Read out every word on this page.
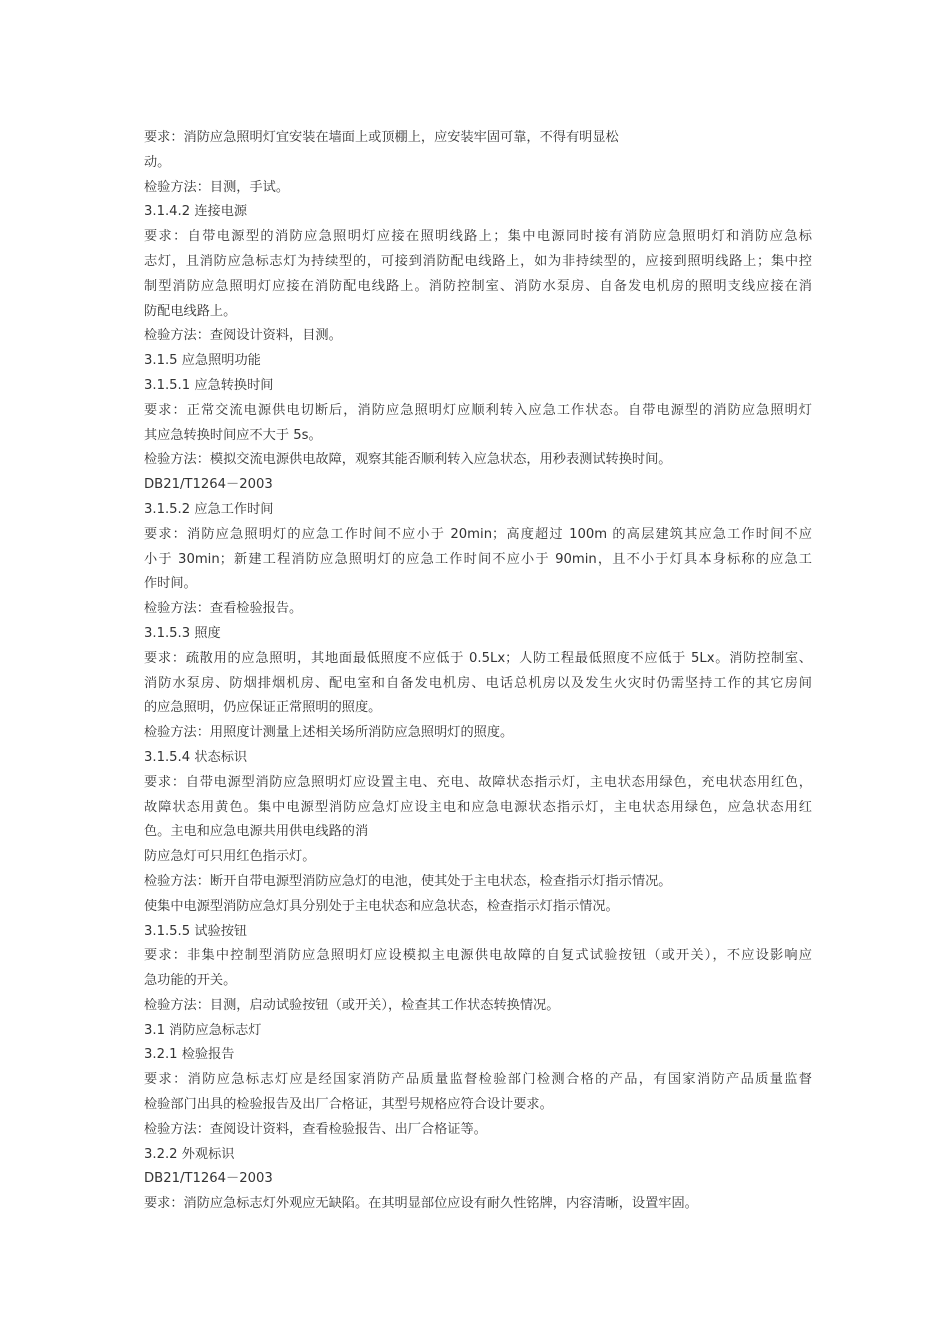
要求：消防应急照明灯宜安装在墙面上或顶棚上，应安装牢固可靠，不得有明显松

动。

检验方法：目测，手试。

3.1.4.2 连接电源

要求：自带电源型的消防应急照明灯应接在照明线路上；集中电源同时接有消防应急照明灯和消防应急标

志灯，且消防应急标志灯为持续型的，可接到消防配电线路上，如为非持续型的，应接到照明线路上；集中控

制型消防应急照明灯应接在消防配电线路上。消防控制室、消防水泵房、自备发电机房的照明支线应接在消

防配电线路上。

检验方法：查阅设计资料，目测。

3.1.5 应急照明功能

3.1.5.1 应急转换时间

要求：正常交流电源供电切断后，消防应急照明灯应顺利转入应急工作状态。自带电源型的消防应急照明灯

其应急转换时间应不大于 5s。

检验方法：模拟交流电源供电故障，观察其能否顺利转入应急状态，用秒表测试转换时间。

DB21/T1264－2003

3.1.5.2 应急工作时间

要求：消防应急照明灯的应急工作时间不应小于 20min；高度超过 100m 的高层建筑其应急工作时间不应

小于 30min；新建工程消防应急照明灯的应急工作时间不应小于 90min，且不小于灯具本身标称的应急工

作时间。

检验方法：查看检验报告。

3.1.5.3 照度

要求：疏散用的应急照明，其地面最低照度不应低于 0.5Lx；人防工程最低照度不应低于 5Lx。消防控制室、

消防水泵房、防烟排烟机房、配电室和自备发电机房、电话总机房以及发生火灾时仍需坚持工作的其它房间

的应急照明，仍应保证正常照明的照度。

检验方法：用照度计测量上述相关场所消防应急照明灯的照度。

3.1.5.4 状态标识

要求：自带电源型消防应急照明灯应设置主电、充电、故障状态指示灯，主电状态用绿色，充电状态用红色，

故障状态用黄色。集中电源型消防应急灯应设主电和应急电源状态指示灯，主电状态用绿色，应急状态用红

色。主电和应急电源共用供电线路的消

防应急灯可只用红色指示灯。

检验方法：断开自带电源型消防应急灯的电池，使其处于主电状态，检查指示灯指示情况。

使集中电源型消防应急灯具分别处于主电状态和应急状态，检查指示灯指示情况。

3.1.5.5 试验按钮

要求：非集中控制型消防应急照明灯应设模拟主电源供电故障的自复式试验按钮（或开关），不应设影响应

急功能的开关。

检验方法：目测，启动试验按钮（或开关），检查其工作状态转换情况。

3.1 消防应急标志灯

3.2.1 检验报告

要求：消防应急标志灯应是经国家消防产品质量监督检验部门检测合格的产品，有国家消防产品质量监督

检验部门出具的检验报告及出厂合格证，其型号规格应符合设计要求。

检验方法：查阅设计资料，查看检验报告、出厂合格证等。

3.2.2 外观标识

DB21/T1264－2003

要求：消防应急标志灯外观应无缺陷。在其明显部位应设有耐久性铭牌，内容清晰，设置牢固。
